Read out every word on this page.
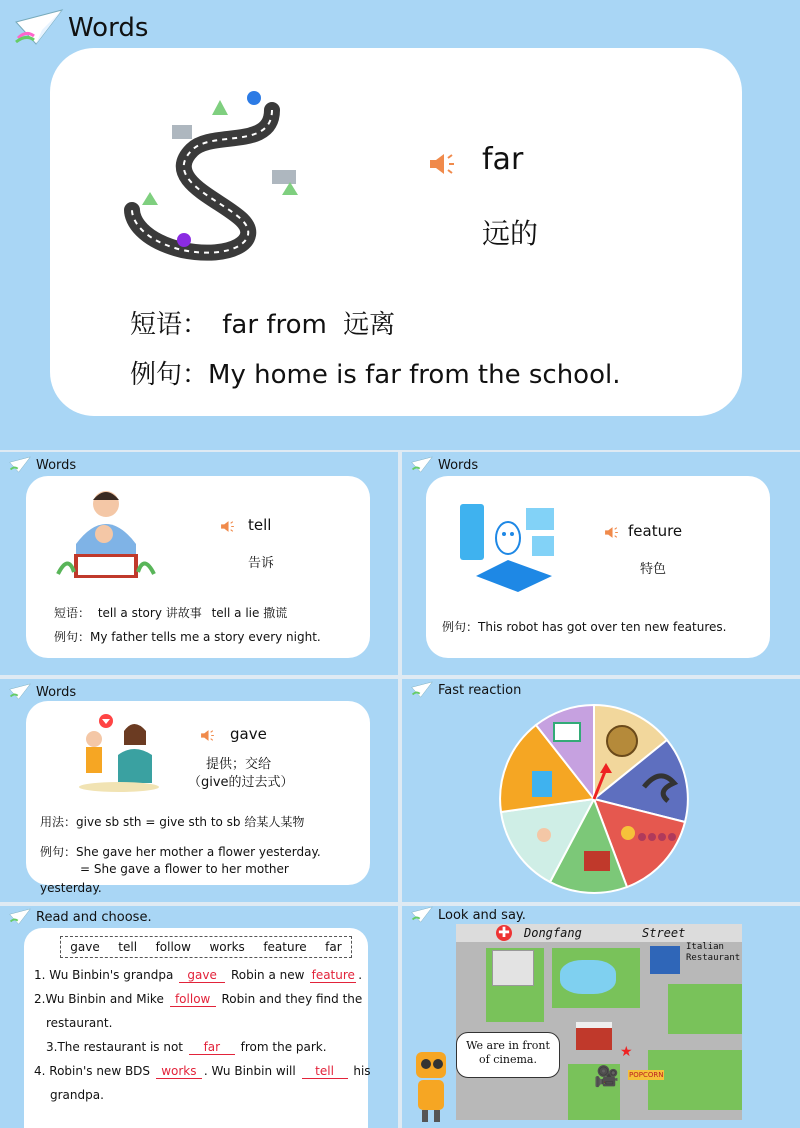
Words
far
远的
短语： far from 远离
例句：My home is far from the school.
Words
tell
告诉
短语： tell a story 讲故事 tell a lie 撒谎
例句：My father tells me a story every night.
Words
feature
特色
例句：This robot has got over ten new features.
Words
gave
提供；交给
（give的过去式）
用法：give sb sth = give sth to sb 给某人某物
例句：She gave her mother a flower yesterday.
= She gave a flower to her mother
yesterday.
Fast reaction
Read and choose.
gave tell follow works feature far
1. Wu Binbin's grandpa gave Robin a new feature .
2.Wu Binbin and Mike follow Robin and they find the
restaurant.
3.The restaurant is not far from the park.
4. Robin's new BDS works . Wu Binbin will tell his
grandpa.
Look and say.
✚ Dongfang	Street
Italian Restaurant
★
POPCORN
🎥
We are in front of cinema.
